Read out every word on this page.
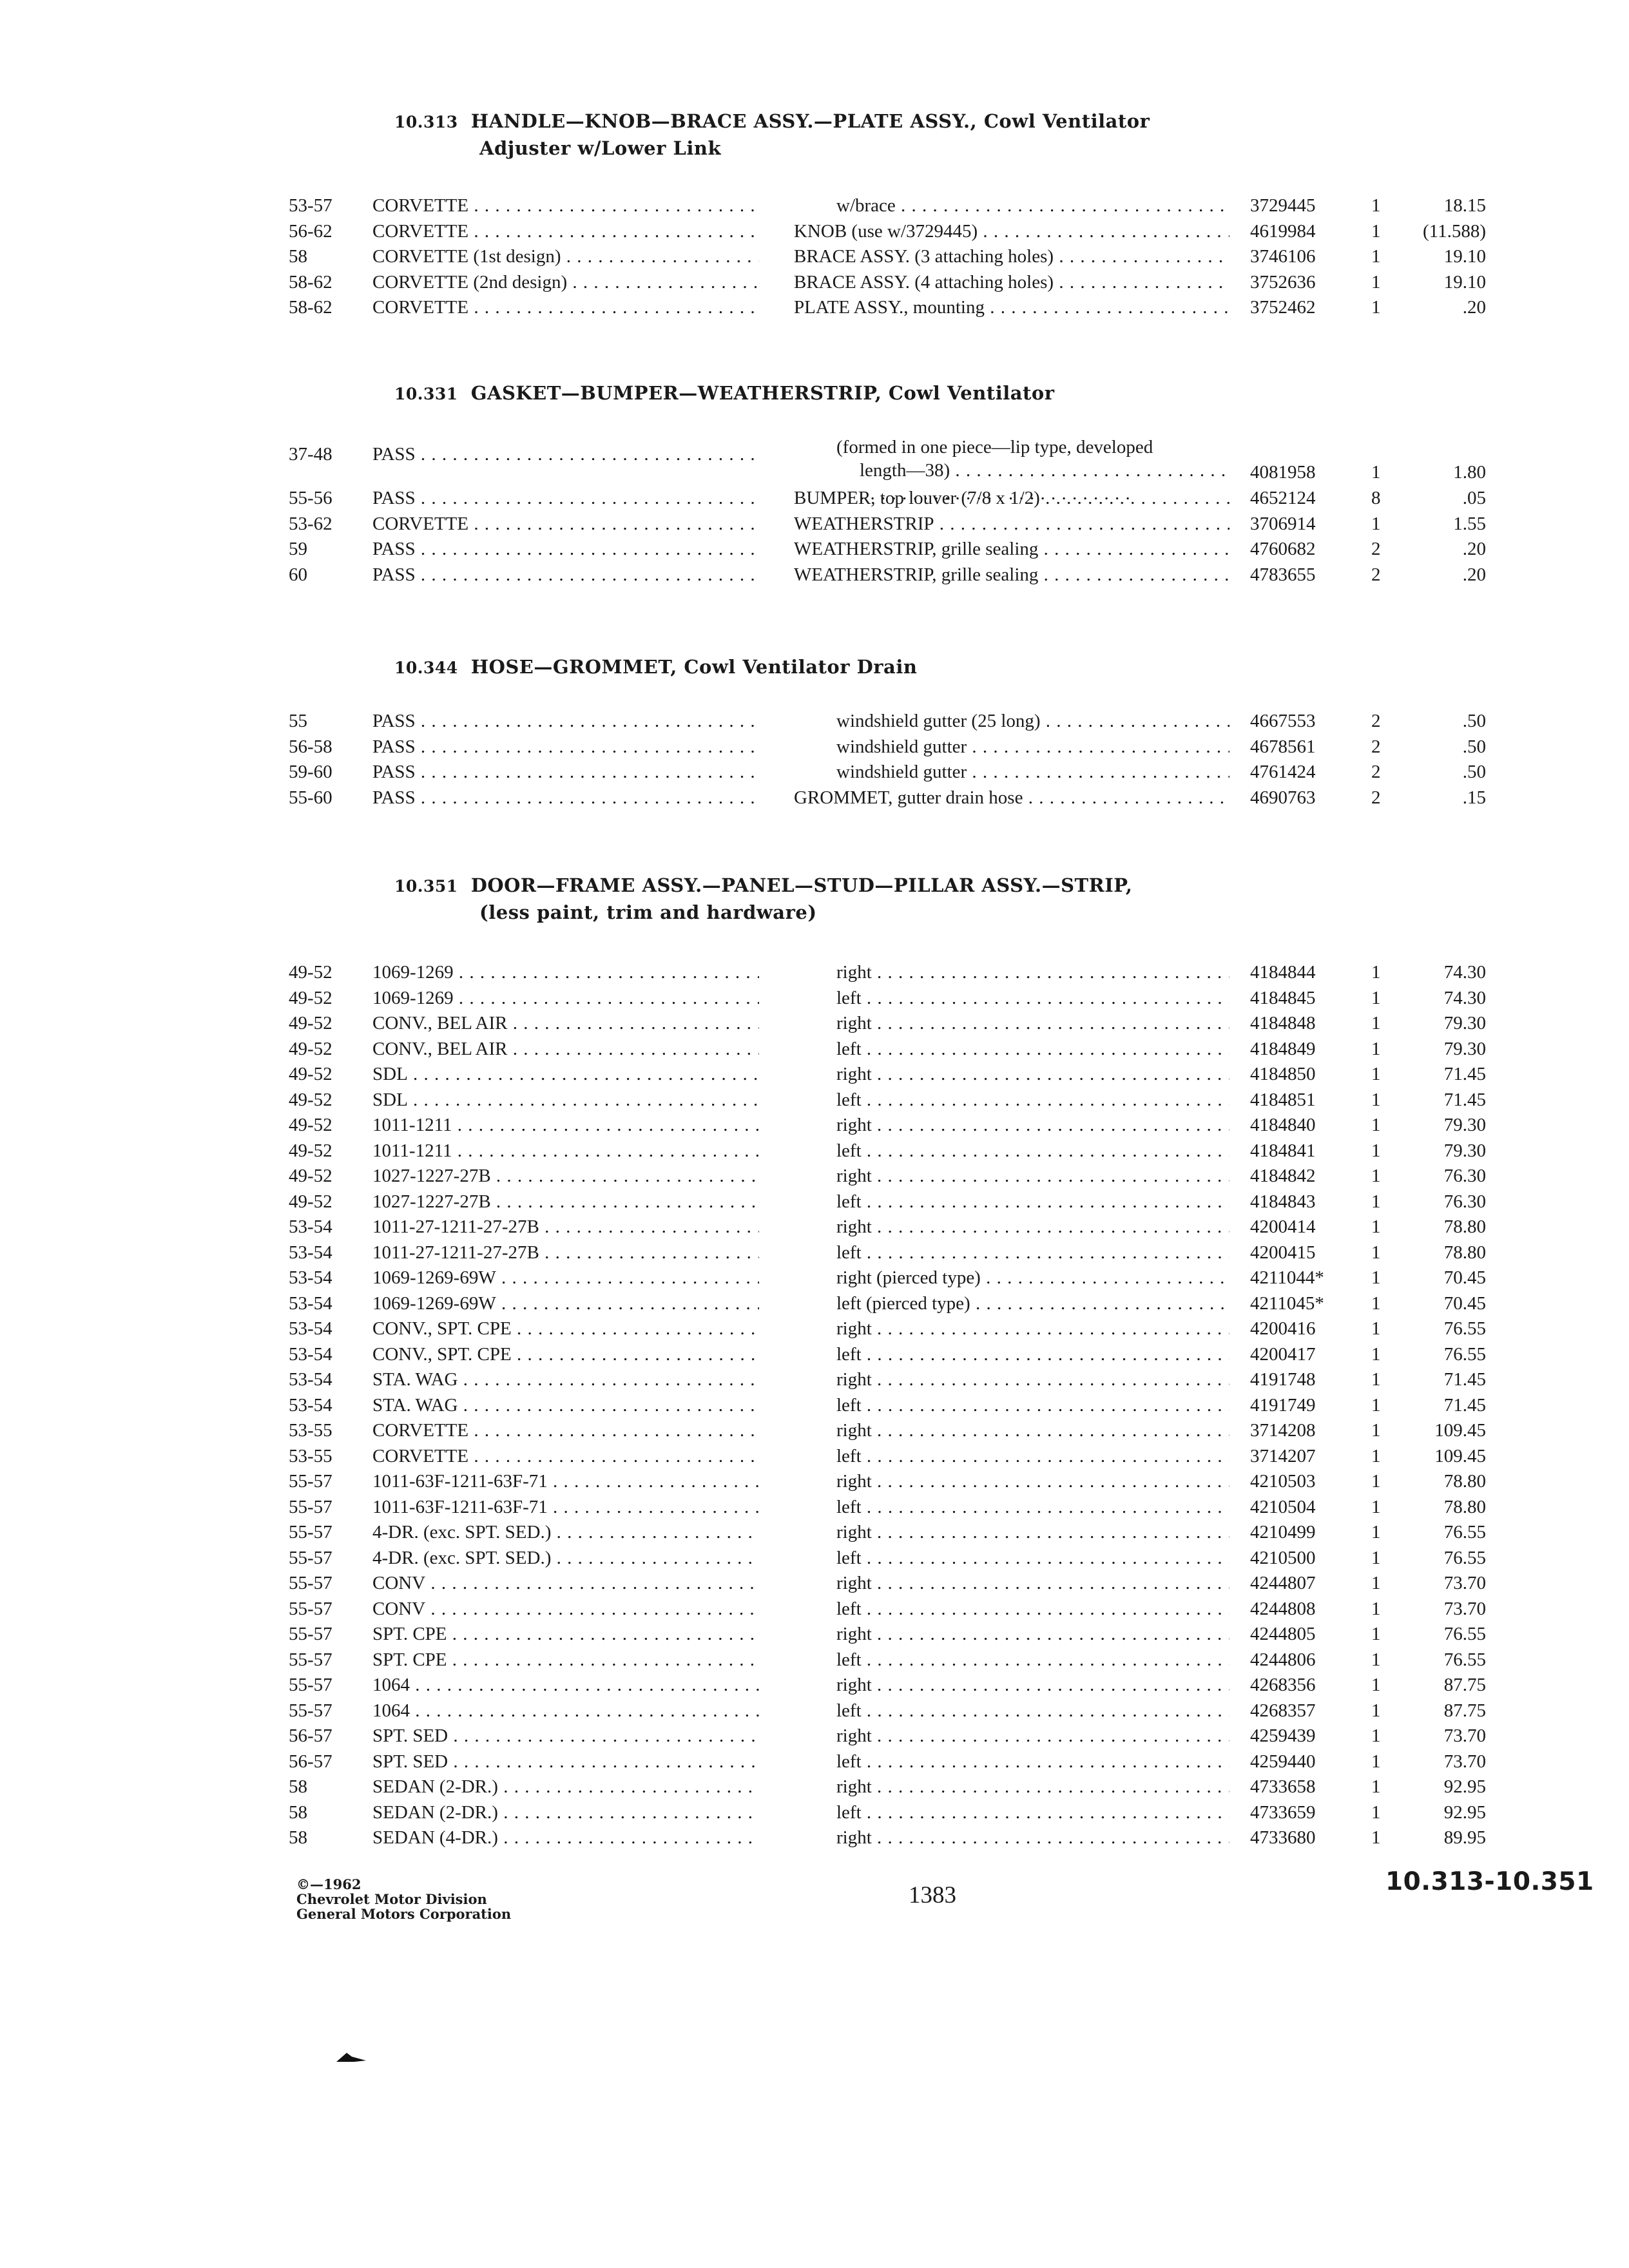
10.313 HANDLE—KNOB—BRACE ASSY.—PLATE ASSY., Cowl Ventilator
Adjuster w/Lower Link
53-57 CORVETTE . . .	w/brace . . .	3729445	1	18.15
56-62 CORVETTE . . .	KNOB (use w/3729445) . . .	4619984	1	(11.588)
58	CORVETTE (1st design) . . .	BRACE ASSY. (3 attaching holes) . . .	3746106	1	19.10
58-62 CORVETTE (2nd design) . . .	BRACE ASSY. (4 attaching holes) . . .	3752636	1	19.10
58-62 CORVETTE . . .	PLATE ASSY., mounting . . .	3752462	1	.20
10.331 GASKET—BUMPER—WEATHERSTRIP, Cowl Ventilator
37-48 PASS . . .	(formed in one piece—lip type, developed
length—38) . . .	4081958	1	1.80
55-56 PASS . . .	BUMPER, top louver (7/8 x 1/2) . . .	4652124	8	.05
53-62 CORVETTE . . .	WEATHERSTRIP . . .	3706914	1	1.55
59	PASS . . .	WEATHERSTRIP, grille sealing . . .	4760682	2	.20
60	PASS . . .	WEATHERSTRIP, grille sealing . . .	4783655	2	.20
10.344 HOSE—GROMMET, Cowl Ventilator Drain
55	PASS . . .	windshield gutter (25 long) . . .	4667553	2	.50
56-58 PASS . . .	windshield gutter . . .	4678561	2	.50
59-60 PASS . . .	windshield gutter . . .	4761424	2	.50
55-60 PASS . . .	GROMMET, gutter drain hose . . .	4690763	2	.15
10.351 DOOR—FRAME ASSY.—PANEL—STUD—PILLAR ASSY.—STRIP,
(less paint, trim and hardware)
49-52 1069-1269 . . .	right . . .	4184844	1	74.30
49-52 1069-1269 . . .	left . . .	4184845	1	74.30
49-52 CONV., BEL AIR . . .	right . . .	4184848	1	79.30
49-52 CONV., BEL AIR . . .	left . . .	4184849	1	79.30
49-52 SDL . . .	right . . .	4184850	1	71.45
49-52 SDL . . .	left . . .	4184851	1	71.45
49-52 1011-1211 . . .	right . . .	4184840	1	79.30
49-52 1011-1211 . . .	left . . .	4184841	1	79.30
49-52 1027-1227-27B . . .	right . . .	4184842	1	76.30
49-52 1027-1227-27B . . .	left . . .	4184843	1	76.30
53-54 1011-27-1211-27-27B . . .	right . . .	4200414	1	78.80
53-54 1011-27-1211-27-27B . . .	left . . .	4200415	1	78.80
53-54 1069-1269-69W . . .	right (pierced type) . . .	4211044*	1	70.45
53-54 1069-1269-69W . . .	left (pierced type) . . .	4211045*	1	70.45
53-54 CONV., SPT. CPE . . .	right . . .	4200416	1	76.55
53-54 CONV., SPT. CPE . . .	left . . .	4200417	1	76.55
53-54 STA. WAG . . .	right . . .	4191748	1	71.45
53-54 STA. WAG . . .	left . . .	4191749	1	71.45
53-55 CORVETTE . . .	right . . .	3714208	1	109.45
53-55 CORVETTE . . .	left . . .	3714207	1	109.45
55-57 1011-63F-1211-63F-71 . . .	right . . .	4210503	1	78.80
55-57 1011-63F-1211-63F-71 . . .	left . . .	4210504	1	78.80
55-57 4-DR. (exc. SPT. SED.) . . .	right . . .	4210499	1	76.55
55-57 4-DR. (exc. SPT. SED.) . . .	left . . .	4210500	1	76.55
55-57 CONV . . .	right . . .	4244807	1	73.70
55-57 CONV . . .	left . . .	4244808	1	73.70
55-57 SPT. CPE . . .	right . . .	4244805	1	76.55
55-57 SPT. CPE . . .	left . . .	4244806	1	76.55
55-57 1064 . . .	right . . .	4268356	1	87.75
55-57 1064 . . .	left . . .	4268357	1	87.75
56-57 SPT. SED . . .	right . . .	4259439	1	73.70
56-57 SPT. SED . . .	left . . .	4259440	1	73.70
58	SEDAN (2-DR.) . . .	right . . .	4733658	1	92.95
58	SEDAN (2-DR.) . . .	left . . .	4733659	1	92.95
58	SEDAN (4-DR.) . . .	right . . .	4733680	1	89.95
©—1962
Chevrolet Motor Division
General Motors Corporation
1383	10.313-10.351
